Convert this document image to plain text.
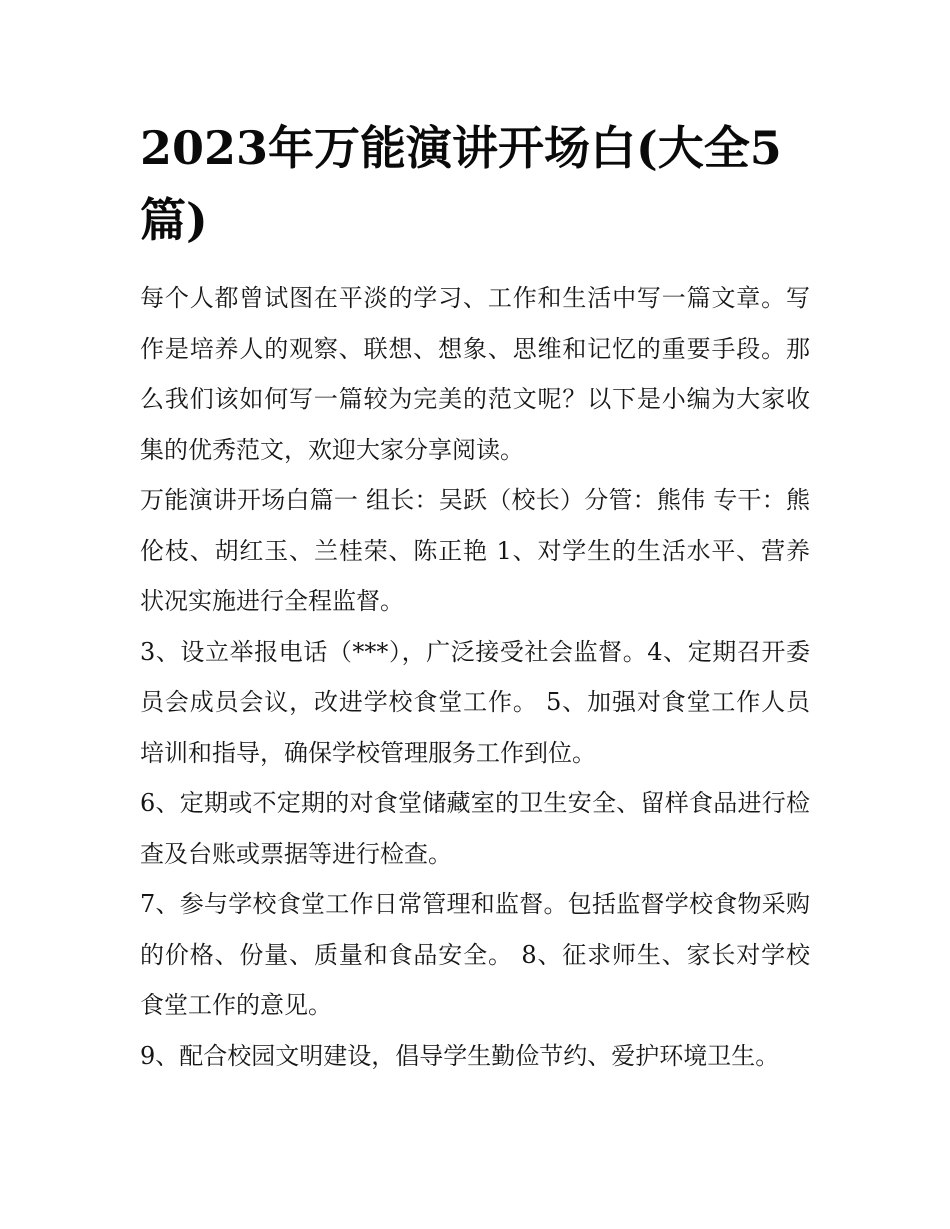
2023年万能演讲开场白(大全5篇)

每个人都曾试图在平淡的学习、工作和生活中写一篇文章。写作是培养人的观察、联想、想象、思维和记忆的重要手段。那么我们该如何写一篇较为完美的范文呢？以下是小编为大家收集的优秀范文，欢迎大家分享阅读。

万能演讲开场白篇一 组长：吴跃（校长）分管：熊伟 专干：熊伦枝、胡红玉、兰桂荣、陈正艳 1、对学生的生活水平、营养状况实施进行全程监督。

3、设立举报电话（***），广泛接受社会监督。4、定期召开委员会成员会议，改进学校食堂工作。 5、加强对食堂工作人员培训和指导，确保学校管理服务工作到位。

6、定期或不定期的对食堂储藏室的卫生安全、留样食品进行检查及台账或票据等进行检查。

7、参与学校食堂工作日常管理和监督。包括监督学校食物采购的价格、份量、质量和食品安全。 8、征求师生、家长对学校食堂工作的意见。

9、配合校园文明建设，倡导学生勤俭节约、爱护环境卫生。
